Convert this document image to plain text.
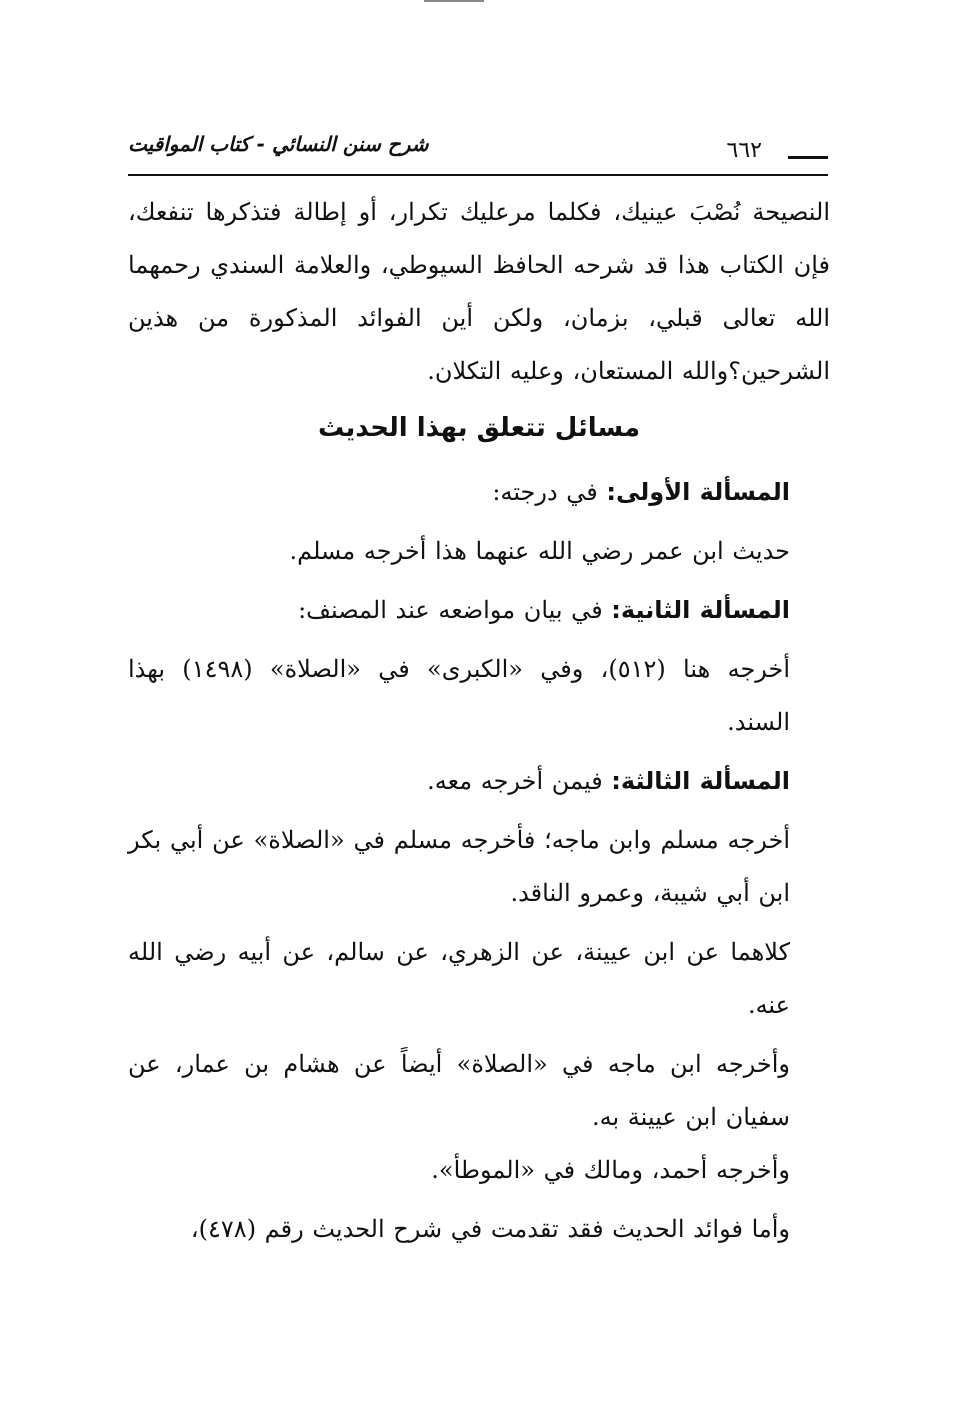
شرح سنن النسائي - كتاب المواقيت	٦٦٢

النصيحة نُصْبَ عينيك، فكلما مرعليك تكرار، أو إطالة فتذكرها تنفعك، فإن الكتاب هذا قد شرحه الحافظ السيوطي، والعلامة السندي رحمهما الله تعالى قبلي، بزمان، ولكن أين الفوائد المذكورة من هذين الشرحين؟والله المستعان، وعليه التكلان.

مسائل تتعلق بهذا الحديث

المسألة الأولى: في درجته:

حديث ابن عمر رضي الله عنهما هذا أخرجه مسلم.

المسألة الثانية: في بيان مواضعه عند المصنف:

أخرجه هنا (٥١٢)، وفي «الكبرى» في «الصلاة» (١٤٩٨) بهذا السند.

المسألة الثالثة: فيمن أخرجه معه.

أخرجه مسلم وابن ماجه؛ فأخرجه مسلم في «الصلاة» عن أبي بكر ابن أبي شيبة، وعمرو الناقد.

كلاهما عن ابن عيينة، عن الزهري، عن سالم، عن أبيه رضي الله عنه.

وأخرجه ابن ماجه في «الصلاة» أيضاً عن هشام بن عمار، عن سفيان ابن عيينة به.

وأخرجه أحمد، ومالك في «الموطأ».

وأما فوائد الحديث فقد تقدمت في شرح الحديث رقم (٤٧٨)،
